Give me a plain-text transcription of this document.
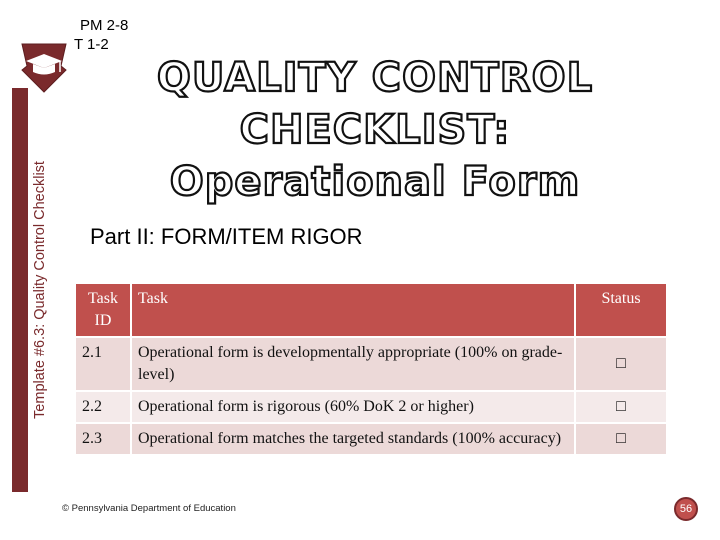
Template #6.3: Quality Control Checklist
PM 2-8
T 1-2
QUALITY CONTROL
CHECKLIST:
Operational Form
Part II: FORM/ITEM RIGOR
Task ID	Task	Status
2.1	Operational form is developmentally appropriate (100% on grade-level)	□
2.2	Operational form is rigorous (60% DoK 2 or higher)	□
2.3	Operational form matches the targeted standards (100% accuracy)	□
© Pennsylvania Department of Education	56
